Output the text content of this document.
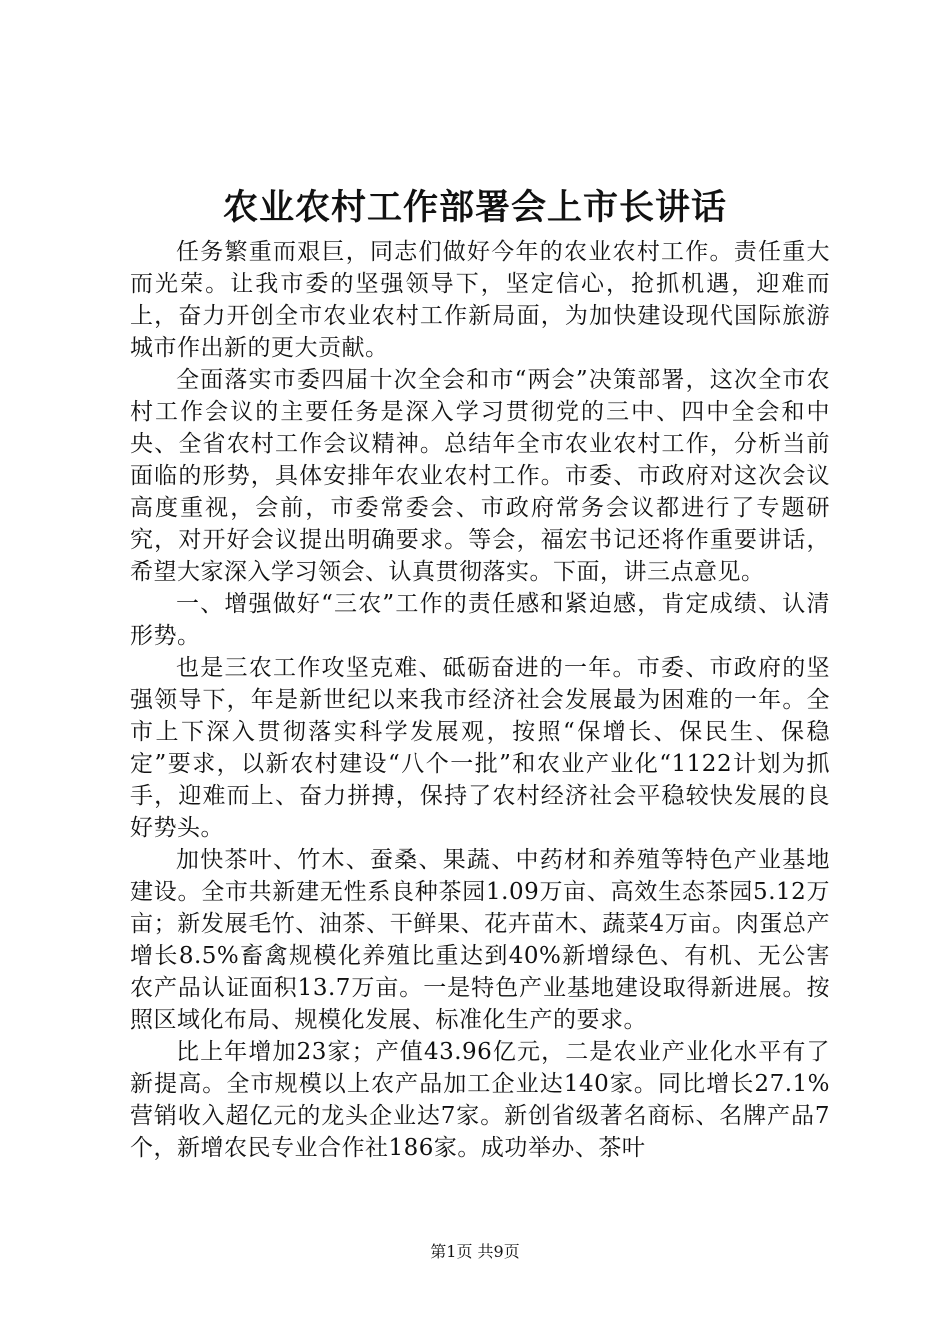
农业农村工作部署会上市长讲话

任务繁重而艰巨，同志们做好今年的农业农村工作。责任重大而光荣。让我市委的坚强领导下，坚定信心，抢抓机遇，迎难而上，奋力开创全市农业农村工作新局面，为加快建设现代国际旅游城市作出新的更大贡献。

全面落实市委四届十次全会和市“两会”决策部署，这次全市农村工作会议的主要任务是深入学习贯彻党的三中、四中全会和中央、全省农村工作会议精神。总结年全市农业农村工作，分析当前面临的形势，具体安排年农业农村工作。市委、市政府对这次会议高度重视，会前，市委常委会、市政府常务会议都进行了专题研究，对开好会议提出明确要求。等会，福宏书记还将作重要讲话，希望大家深入学习领会、认真贯彻落实。下面，讲三点意见。

一、增强做好“三农”工作的责任感和紧迫感，肯定成绩、认清形势。

也是三农工作攻坚克难、砥砺奋进的一年。市委、市政府的坚强领导下，年是新世纪以来我市经济社会发展最为困难的一年。全市上下深入贯彻落实科学发展观，按照“保增长、保民生、保稳定”要求，以新农村建设“八个一批”和农业产业化“1122计划为抓手，迎难而上、奋力拼搏，保持了农村经济社会平稳较快发展的良好势头。

加快茶叶、竹木、蚕桑、果蔬、中药材和养殖等特色产业基地建设。全市共新建无性系良种茶园1.09万亩、高效生态茶园5.12万亩；新发展毛竹、油茶、干鲜果、花卉苗木、蔬菜4万亩。肉蛋总产增长8.5%畜禽规模化养殖比重达到40%新增绿色、有机、无公害农产品认证面积13.7万亩。一是特色产业基地建设取得新进展。按照区域化布局、规模化发展、标准化生产的要求。

比上年增加23家；产值43.96亿元，二是农业产业化水平有了新提高。全市规模以上农产品加工企业达140家。同比增长27.1%营销收入超亿元的龙头企业达7家。新创省级著名商标、名牌产品7个，新增农民专业合作社186家。成功举办、茶叶

第1页 共9页
